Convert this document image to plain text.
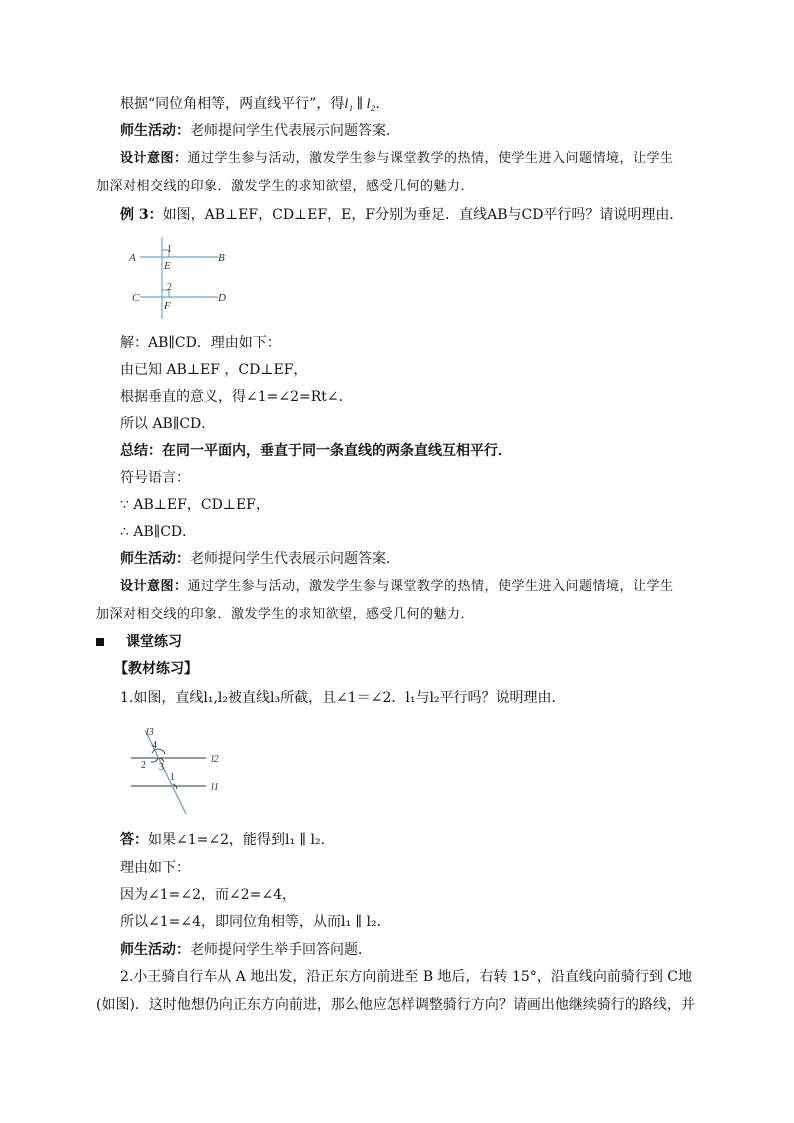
根据“同位角相等，两直线平行”，得l₁ ∥ l₂.
师生活动：老师提问学生代表展示问题答案．
设计意图：通过学生参与活动，激发学生参与课堂教学的热情，使学生进入问题情境，让学生
加深对相交线的印象．激发学生的求知欲望，感受几何的魅力．
例 3：如图，AB⊥EF，CD⊥EF，E，F分别为垂足．直线AB与CD平行吗？请说明理由．
A	B
C	D
E
F
1
2
解：AB∥CD．理由如下：
由已知 AB⊥EF ，CD⊥EF，
根据垂直的意义，得∠1=∠2=Rt∠．
所以 AB∥CD．
总结：在同一平面内，垂直于同一条直线的两条直线互相平行．
符号语言：
∵ AB⊥EF，CD⊥EF，
∴ AB∥CD．
师生活动：老师提问学生代表展示问题答案．
设计意图：通过学生参与活动，激发学生参与课堂教学的热情，使学生进入问题情境，让学生
加深对相交线的印象．激发学生的求知欲望，感受几何的魅力．
课堂练习
【教材练习】
1.如图，直线l₁,l₂被直线l₃所截，且∠1＝∠2．l₁与l₂平行吗？说明理由．
l3
l2
l1
4
2 3
1
答：如果∠1=∠2，能得到l₁ ∥ l₂.
理由如下：
因为∠1=∠2，而∠2=∠4，
所以∠1=∠4，即同位角相等，从而l₁ ∥ l₂.
师生活动：老师提问学生举手回答问题．
2.小王骑自行车从 A 地出发，沿正东方向前进至 B 地后，右转 15°，沿直线向前骑行到 C地
(如图)．这时他想仍向正东方向前进，那么他应怎样调整骑行方向？请画出他继续骑行的路线，并
